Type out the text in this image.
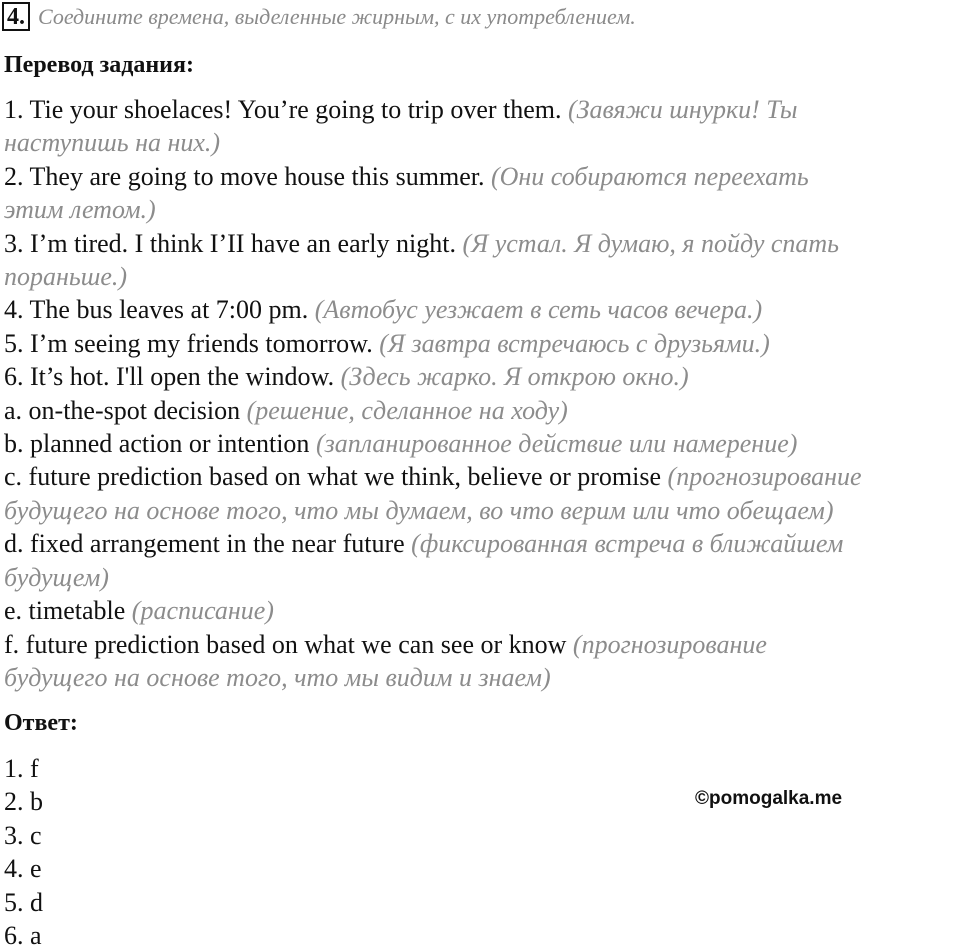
4. Соедините времена, выделенные жирным, с их употреблением.
Перевод задания:
1. Tie your shoelaces! You’re going to trip over them. (Завяжи шнурки! Ты
наступишь на них.)
2. They are going to move house this summer. (Они собираются переехать
этим летом.)
3. I’m tired. I think I’II have an early night. (Я устал. Я думаю, я пойду спать
пораньше.)
4. The bus leaves at 7:00 pm. (Автобус уезжает в сеть часов вечера.)
5. I’m seeing my friends tomorrow. (Я завтра встречаюсь с друзьями.)
6. It’s hot. I'll open the window. (Здесь жарко. Я открою окно.)
a. on-the-spot decision (решение, сделанное на ходу)
b. planned action or intention (запланированное действие или намерение)
c. future prediction based on what we think, believe or promise (прогнозирование
будущего на основе того, что мы думаем, во что верим или что обещаем)
d. fixed arrangement in the near future (фиксированная встреча в ближайшем
будущем)
e. timetable (расписание)
f. future prediction based on what we can see or know (прогнозирование
будущего на основе того, что мы видим и знаем)
Ответ:
1. f
2. b
3. c
4. e
5. d
6. a
©pomogalka.me
